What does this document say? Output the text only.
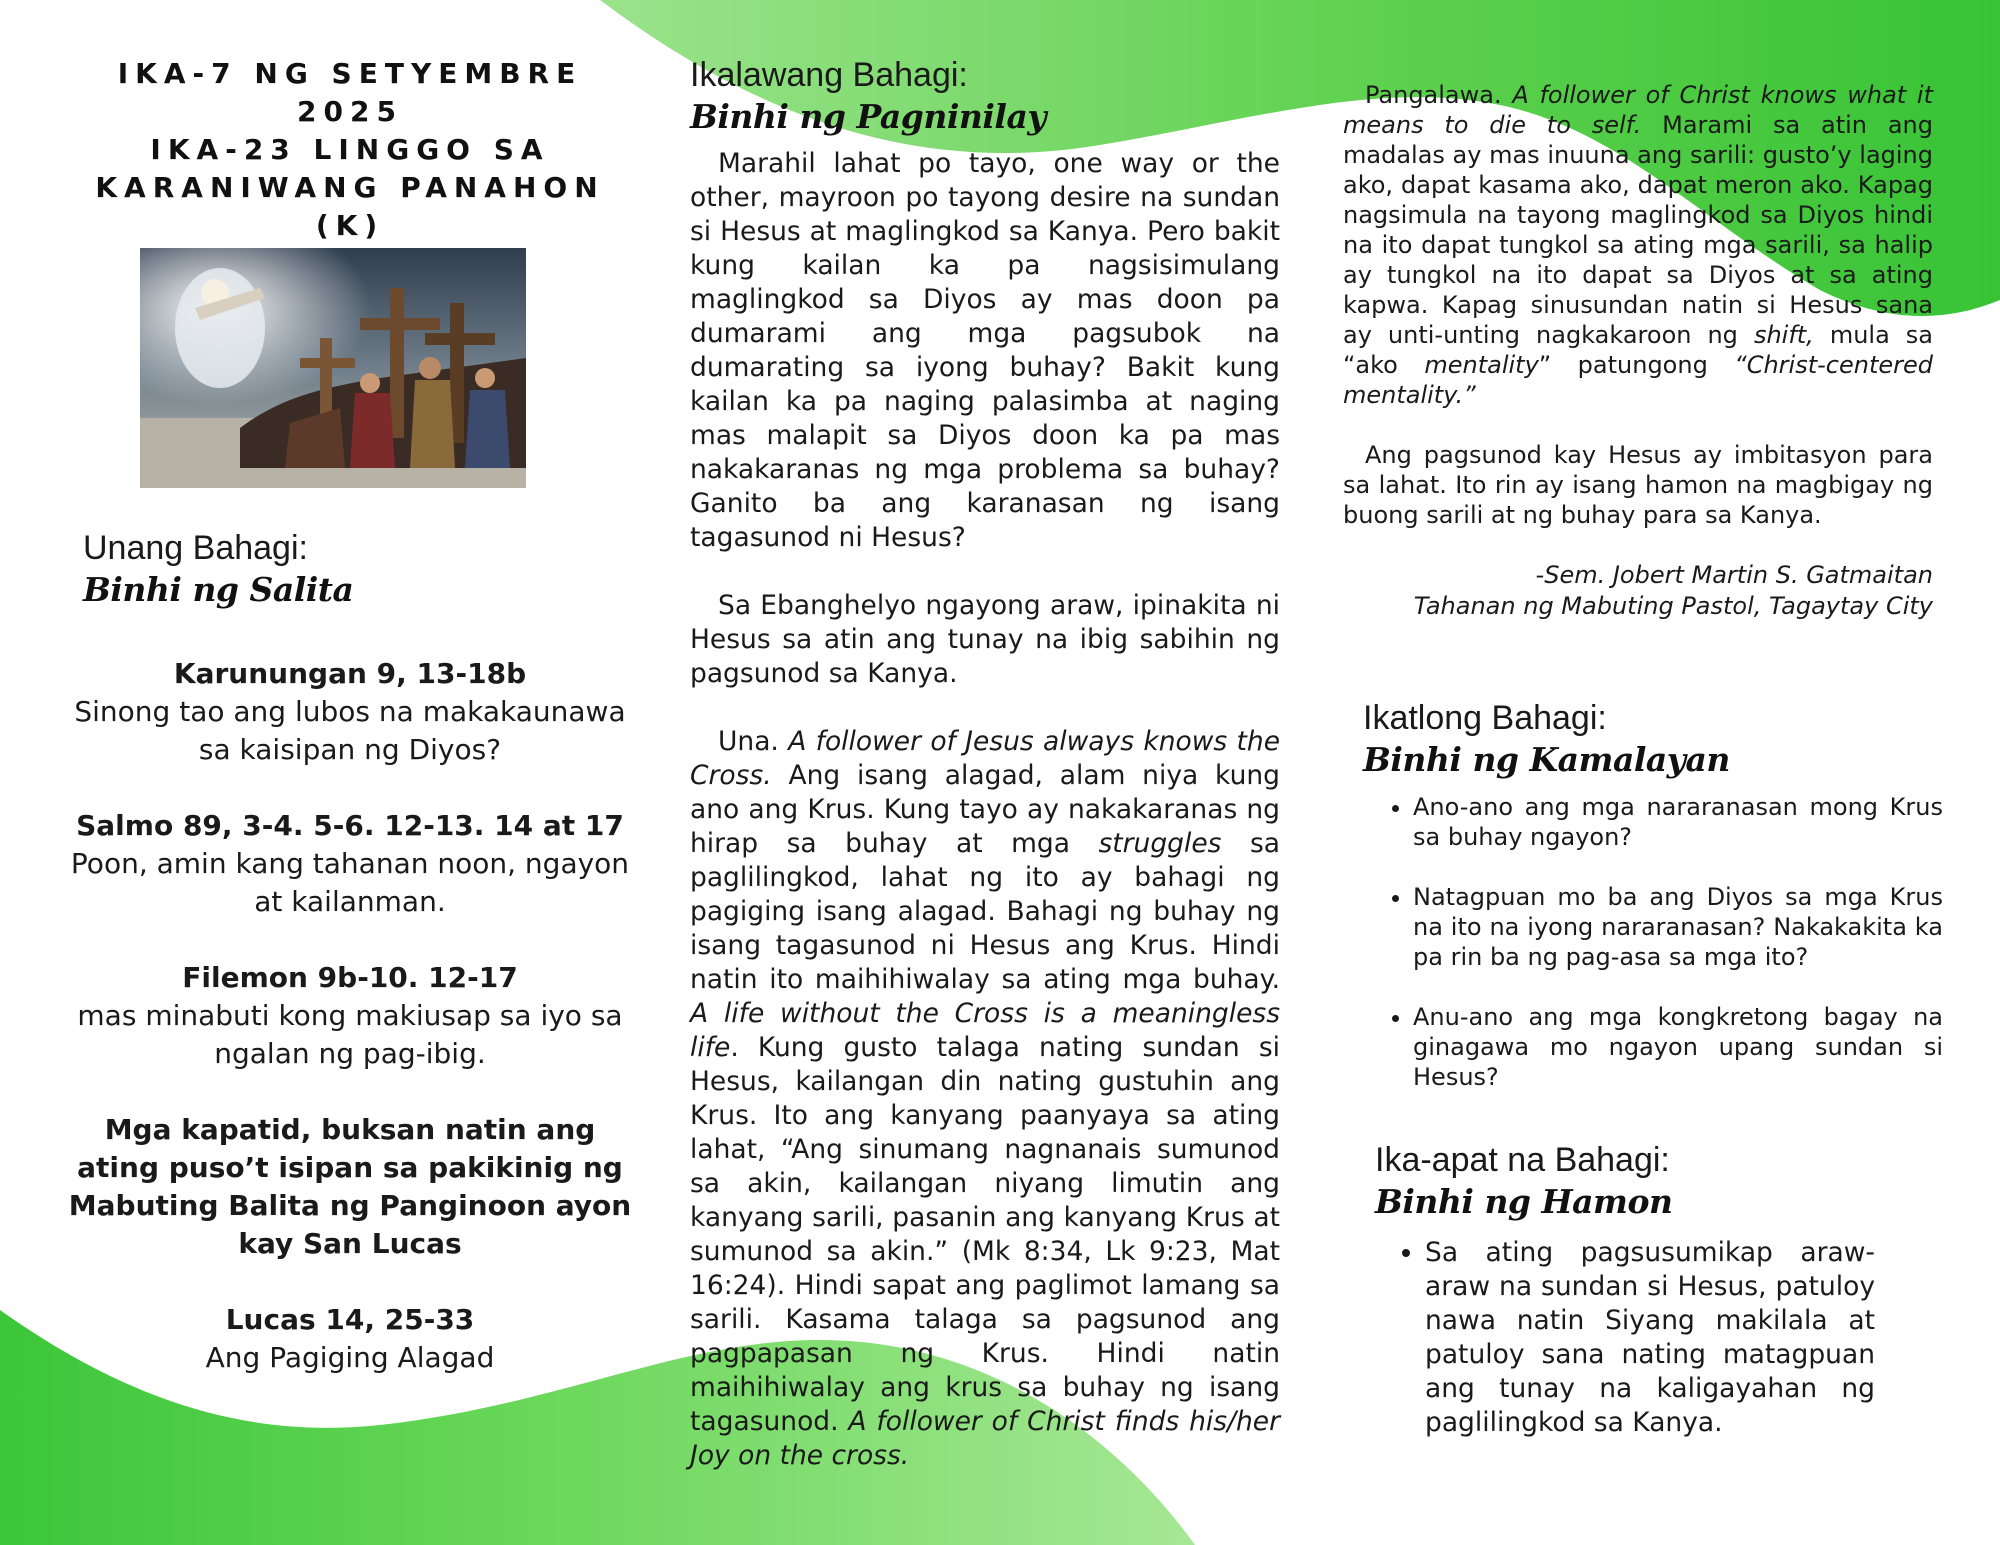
IKA-7 NG SETYEMBRE 2025
IKA-23 LINGGO SA
KARANIWANG PANAHON
(K)
Unang Bahagi:
Binhi ng Salita
Karunungan 9, 13-18b
Sinong tao ang lubos na makakaunawa sa kaisipan ng Diyos?
Salmo 89, 3-4. 5-6. 12-13. 14 at 17
Poon, amin kang tahanan noon, ngayon at kailanman.
Filemon 9b-10. 12-17
mas minabuti kong makiusap sa iyo sa ngalan ng pag-ibig.
Mga kapatid, buksan natin ang ating puso’t isipan sa pakikinig ng Mabuting Balita ng Panginoon ayon kay San Lucas
Lucas 14, 25-33
Ang Pagiging Alagad
Ikalawang Bahagi:
Binhi ng Pagninilay

Marahil lahat po tayo, one way or the other, mayroon po tayong desire na sundan si Hesus at maglingkod sa Kanya. Pero bakit kung kailan ka pa nagsisimulang maglingkod sa Diyos ay mas doon pa dumarami ang mga pagsubok na dumarating sa iyong buhay? Bakit kung kailan ka pa naging palasimba at naging mas malapit sa Diyos doon ka pa mas nakakaranas ng mga problema sa buhay? Ganito ba ang karanasan ng isang tagasunod ni Hesus?

Sa Ebanghelyo ngayong araw, ipinakita ni Hesus sa atin ang tunay na ibig sabihin ng pagsunod sa Kanya.

Una. A follower of Jesus always knows the Cross. Ang isang alagad, alam niya kung ano ang Krus. Kung tayo ay nakakaranas ng hirap sa buhay at mga struggles sa paglilingkod, lahat ng ito ay bahagi ng pagiging isang alagad. Bahagi ng buhay ng isang tagasunod ni Hesus ang Krus. Hindi natin ito maihihiwalay sa ating mga buhay. A life without the Cross is a meaningless life. Kung gusto talaga nating sundan si Hesus, kailangan din nating gustuhin ang Krus. Ito ang kanyang paanyaya sa ating lahat, “Ang sinumang nagnanais sumunod sa akin, kailangan niyang limutin ang kanyang sarili, pasanin ang kanyang Krus at sumunod sa akin.” (Mk 8:34, Lk 9:23, Mat 16:24). Hindi sapat ang paglimot lamang sa sarili. Kasama talaga sa pagsunod ang pagpapasan ng Krus. Hindi natin maihihiwalay ang krus sa buhay ng isang tagasunod. A follower of Christ finds his/her Joy on the cross.

Pangalawa. A follower of Christ knows what it means to die to self. Marami sa atin ang madalas ay mas inuuna ang sarili: gusto’y laging ako, dapat kasama ako, dapat meron ako. Kapag nagsimula na tayong maglingkod sa Diyos hindi na ito dapat tungkol sa ating mga sarili, sa halip ay tungkol na ito dapat sa Diyos at sa ating kapwa. Kapag sinusundan natin si Hesus sana ay unti-unting nagkakaroon ng shift, mula sa “ako mentality” patungong “Christ-centered mentality.”

Ang pagsunod kay Hesus ay imbitasyon para sa lahat. Ito rin ay isang hamon na magbigay ng buong sarili at ng buhay para sa Kanya.

-Sem. Jobert Martin S. Gatmaitan
Tahanan ng Mabuting Pastol, Tagaytay City
Ikatlong Bahagi:
Binhi ng Kamalayan
• Ano-ano ang mga nararanasan mong Krus sa buhay ngayon?
• Natagpuan mo ba ang Diyos sa mga Krus na ito na iyong nararanasan? Nakakakita ka pa rin ba ng pag-asa sa mga ito?
• Anu-ano ang mga kongkretong bagay na ginagawa mo ngayon upang sundan si Hesus?
Ika-apat na Bahagi:
Binhi ng Hamon
• Sa ating pagsusumikap araw-araw na sundan si Hesus, patuloy nawa natin Siyang makilala at patuloy sana nating matagpuan ang tunay na kaligayahan ng paglilingkod sa Kanya.
